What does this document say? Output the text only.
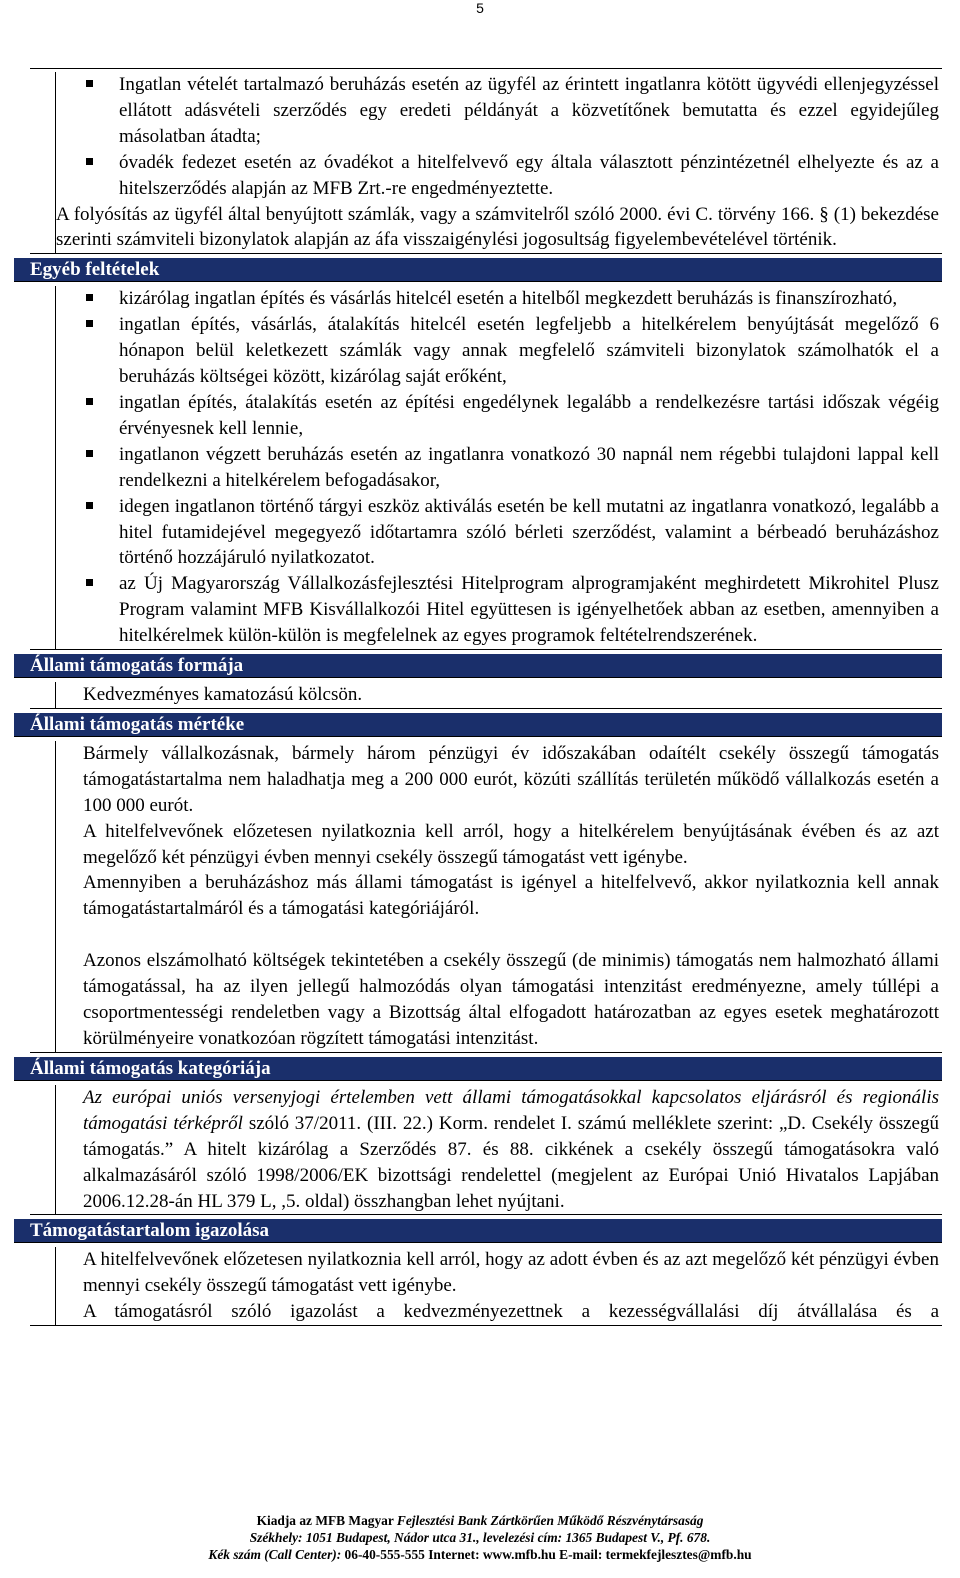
5
Ingatlan vételét tartalmazó beruházás esetén az ügyfél az érintett ingatlanra kötött ügyvédi ellenjegyzéssel ellátott adásvételi szerződés egy eredeti példányát a közvetítőnek bemutatta és ezzel egyidejűleg másolatban átadta;
óvadék fedezet esetén az óvadékot a hitelfelvevő egy általa választott pénzintézetnél elhelyezte és az a hitelszerződés alapján az MFB Zrt.-re engedményeztette.

A folyósítás az ügyfél által benyújtott számlák, vagy a számvitelről szóló 2000. évi C. törvény 166. § (1) bekezdése szerinti számviteli bizonylatok alapján az áfa visszaigénylési jogosultság figyelembevételével történik.

Egyéb feltételek
kizárólag ingatlan építés és vásárlás hitelcél esetén a hitelből megkezdett beruházás is finanszírozható,
ingatlan építés, vásárlás, átalakítás hitelcél esetén legfeljebb a hitelkérelem benyújtását megelőző 6 hónapon belül keletkezett számlák vagy annak megfelelő számviteli bizonylatok számolhatók el a beruházás költségei között, kizárólag saját erőként,
ingatlan építés, átalakítás esetén az építési engedélynek legalább a rendelkezésre tartási időszak végéig érvényesnek kell lennie,
ingatlanon végzett beruházás esetén az ingatlanra vonatkozó 30 napnál nem régebbi tulajdoni lappal kell rendelkezni a hitelkérelem befogadásakor,
idegen ingatlanon történő tárgyi eszköz aktiválás esetén be kell mutatni az ingatlanra vonatkozó, legalább a hitel futamidejével megegyező időtartamra szóló bérleti szerződést, valamint a bérbeadó beruházáshoz történő hozzájáruló nyilatkozatot.
az Új Magyarország Vállalkozásfejlesztési Hitelprogram alprogramjaként meghirdetett Mikrohitel Plusz Program valamint MFB Kisvállalkozói Hitel együttesen is igényelhetőek abban az esetben, amennyiben a hitelkérelmek külön-külön is megfelelnek az egyes programok feltételrendszerének.
Állami támogatás formája

Kedvezményes kamatozású kölcsön.

Állami támogatás mértéke

Bármely vállalkozásnak, bármely három pénzügyi év időszakában odaítélt csekély összegű támogatás támogatástartalma nem haladhatja meg a 200 000 eurót, közúti szállítás területén működő vállalkozás esetén a 100 000 eurót.

A hitelfelvevőnek előzetesen nyilatkoznia kell arról, hogy a hitelkérelem benyújtásának évében és az azt megelőző két pénzügyi évben mennyi csekély összegű támogatást vett igénybe.

Amennyiben a beruházáshoz más állami támogatást is igényel a hitelfelvevő, akkor nyilatkoznia kell annak támogatástartalmáról és a támogatási kategóriájáról.

Azonos elszámolható költségek tekintetében a csekély összegű (de minimis) támogatás nem halmozható állami támogatással, ha az ilyen jellegű halmozódás olyan támogatási intenzitást eredményezne, amely túllépi a csoportmentességi rendeletben vagy a Bizottság által elfogadott határozatban az egyes esetek meghatározott körülményeire vonatkozóan rögzített támogatási intenzitást.

Állami támogatás kategóriája

Az európai uniós versenyjogi értelemben vett állami támogatásokkal kapcsolatos eljárásról és regionális támogatási térképről szóló 37/2011. (III. 22.) Korm. rendelet I. számú melléklete szerint: „D. Csekély összegű támogatás.” A hitelt kizárólag a Szerződés 87. és 88. cikkének a csekély összegű támogatásokra való alkalmazásáról szóló 1998/2006/EK bizottsági rendelettel (megjelent az Európai Unió Hivatalos Lapjában 2006.12.28-án HL 379 L, ,5. oldal) összhangban lehet nyújtani.

Támogatástartalom igazolása

A hitelfelvevőnek előzetesen nyilatkoznia kell arról, hogy az adott évben és az azt megelőző két pénzügyi évben mennyi csekély összegű támogatást vett igénybe.

A támogatásról szóló igazolást a kedvezményezettnek a kezességvállalási díj átvállalása és a

Kiadja az MFB Magyar Fejlesztési Bank Zártkörűen Működő Részvénytársaság
Székhely: 1051 Budapest, Nádor utca 31., levelezési cím: 1365 Budapest V., Pf. 678.
Kék szám (Call Center): 06-40-555-555 Internet: www.mfb.hu E-mail: termekfejlesztes@mfb.hu
